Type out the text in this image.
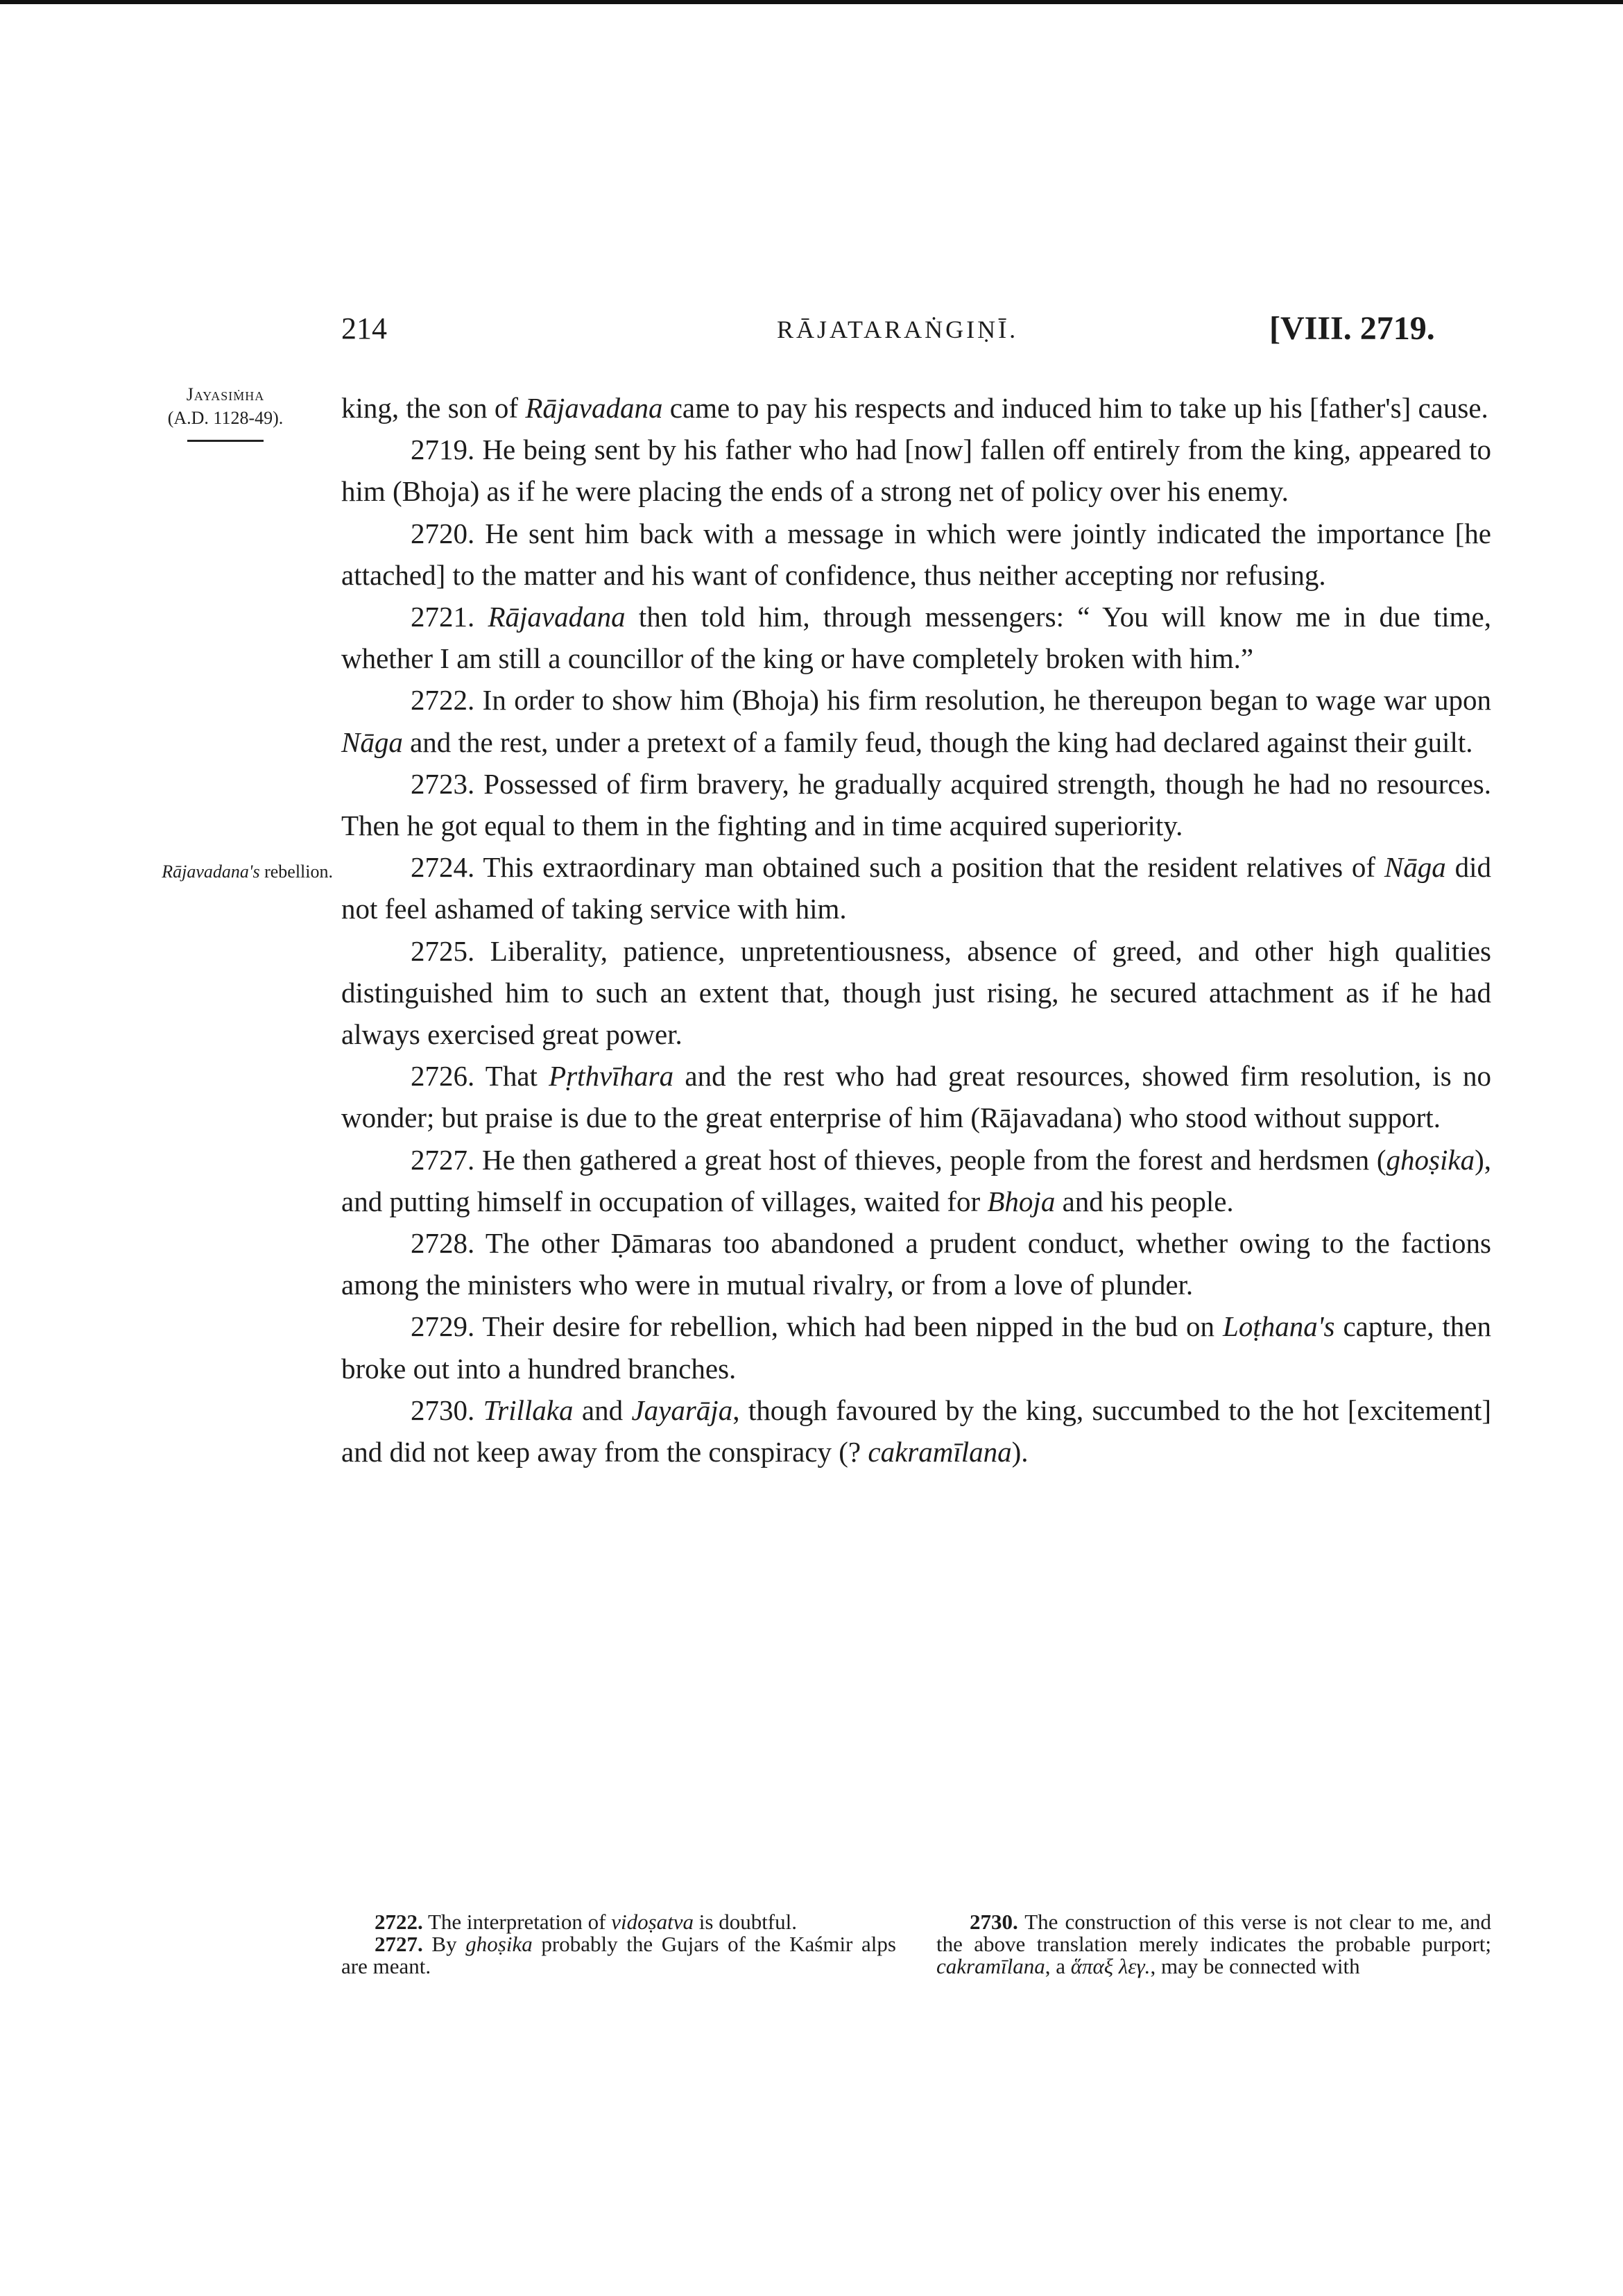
214	RĀJATARAṄGIṆĪ.	[VIII. 2719.
Jayasiṁha
(A.D. 1128-49).
Rājavadana's rebellion.

king, the son of Rājavadana came to pay his respects and induced him to take up his [father's] cause.

2719. He being sent by his father who had [now] fallen off entirely from the king, appeared to him (Bhoja) as if he were placing the ends of a strong net of policy over his enemy.

2720. He sent him back with a message in which were jointly indicated the importance [he attached] to the matter and his want of confidence, thus neither accepting nor refusing.

2721. Rājavadana then told him, through messengers: “ You will know me in due time, whether I am still a councillor of the king or have completely broken with him.”

2722. In order to show him (Bhoja) his firm resolution, he thereupon began to wage war upon Nāga and the rest, under a pretext of a family feud, though the king had declared against their guilt.

2723. Possessed of firm bravery, he gradually acquired strength, though he had no resources. Then he got equal to them in the fighting and in time acquired superiority.

2724. This extraordinary man obtained such a position that the resident relatives of Nāga did not feel ashamed of taking service with him.

2725. Liberality, patience, unpretentiousness, absence of greed, and other high qualities distinguished him to such an extent that, though just rising, he secured attachment as if he had always exercised great power.

2726. That Pṛthvīhara and the rest who had great resources, showed firm resolution, is no wonder; but praise is due to the great enterprise of him (Rājavadana) who stood without support.

2727. He then gathered a great host of thieves, people from the forest and herdsmen (ghoṣika), and putting himself in occupation of villages, waited for Bhoja and his people.

2728. The other Ḍāmaras too abandoned a prudent conduct, whether owing to the factions among the ministers who were in mutual rivalry, or from a love of plunder.

2729. Their desire for rebellion, which had been nipped in the bud on Loṭhana's capture, then broke out into a hundred branches.

2730. Trillaka and Jayarāja, though favoured by the king, succumbed to the hot [excitement] and did not keep away from the conspiracy (? cakramīlana).

2722. The interpretation of vidoṣatva is doubtful.

2727. By ghoṣika probably the Gujars of the Kaśmir alps are meant.

2730. The construction of this verse is not clear to me, and the above translation merely indicates the probable purport; cakramīlana, a ἅπαξ λεγ., may be connected with
